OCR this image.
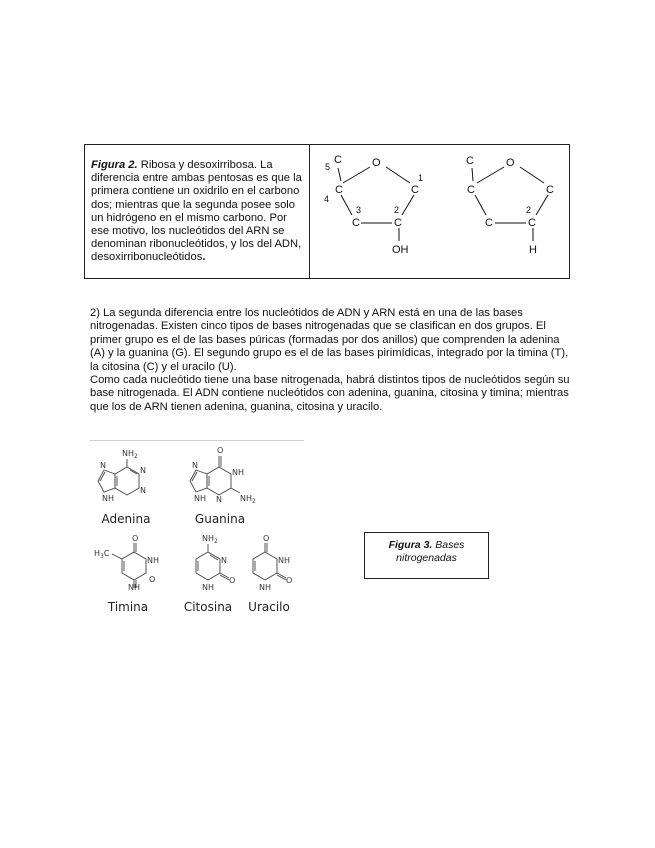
Figura 2. Ribosa y desoxirribosa. La diferencia entre ambas pentosas es que la primera contiene un oxidrilo en el carbono dos; mientras que la segunda posee solo un hidrógeno en el mismo carbono. Por ese motivo, los nucleótidos del ARN se denominan ribonucleótidos, y los del ADN, desoxirribonucleótidos.
O
C
5
C
4
C
1
C
3
C
2
OH
O
C
C	C
C	C
2
H

2) La segunda diferencia entre los nucleótidos de ADN y ARN está en una de las bases nitrogenadas. Existen cinco tipos de bases nitrogenadas que se clasifican en dos grupos. El primer grupo es el de las bases púricas (formadas por dos anillos) que comprenden la adenina (A) y la guanina (G). El segundo grupo es el de las bases pirimídicas, integrado por la timina (T), la citosina (C) y el uracilo (U).

Como cada nucleótido tiene una base nitrogenada, habrá distintos tipos de nucleótidos según su base nitrogenada. El ADN contiene nucleótidos con adenina, guanina, citosina y timina; mientras que los de ARN tienen adenina, guanina, citosina y uracilo.

$NH_2$
N
N
N
NH
O
NH
N $NH_2$
N
NH
O
NH
O
NH
$H_3C$
$NH_2$
N
O
NH
O
NH
O
NH
Adenina	Guanina
Timina	Citosina	Uracilo
Figura 3. Bases nitrogenadas
